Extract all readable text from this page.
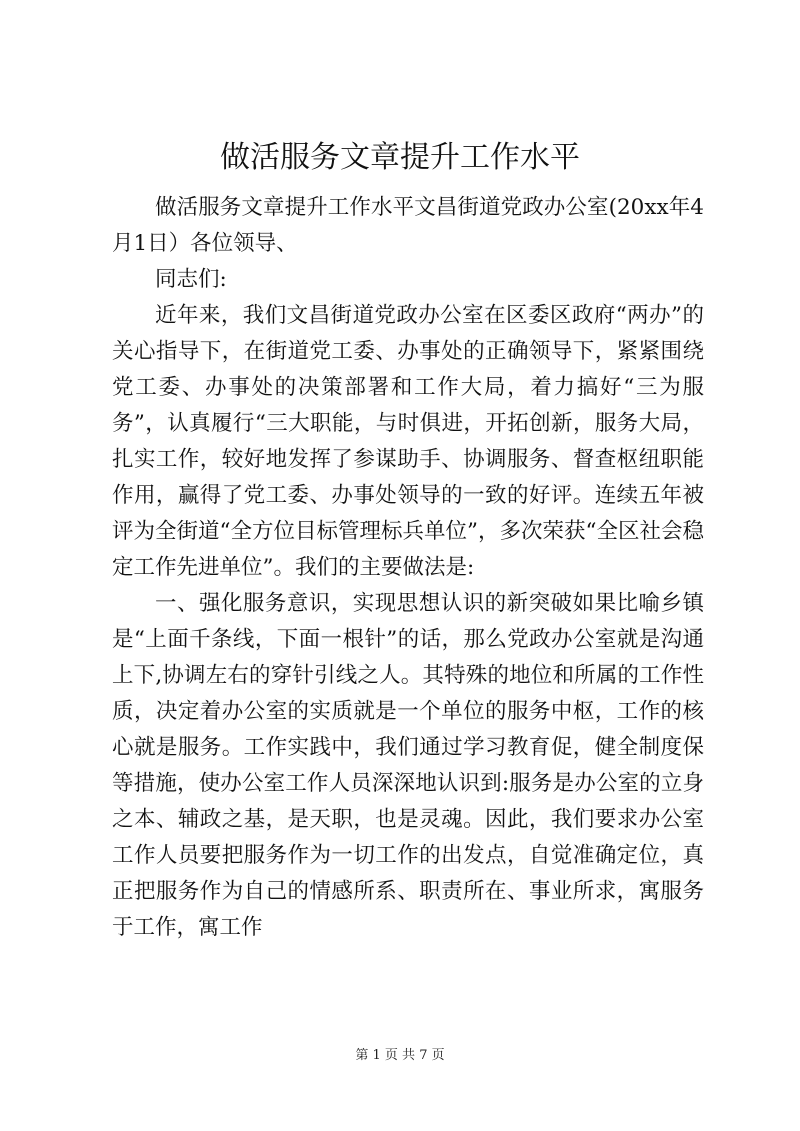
做活服务文章提升工作水平

做活服务文章提升工作水平文昌街道党政办公室(20xx年4月1日）各位领导、

同志们:

近年来，我们文昌街道党政办公室在区委区政府“两办”的关心指导下，在街道党工委、办事处的正确领导下，紧紧围绕党工委、办事处的决策部署和工作大局，着力搞好“三为服务”，认真履行“三大职能，与时俱进，开拓创新，服务大局，扎实工作，较好地发挥了参谋助手、协调服务、督查枢纽职能作用，赢得了党工委、办事处领导的一致的好评。连续五年被评为全街道“全方位目标管理标兵单位”，多次荣获“全区社会稳定工作先进单位”。我们的主要做法是:

一、强化服务意识，实现思想认识的新突破如果比喻乡镇是“上面千条线，下面一根针”的话，那么党政办公室就是沟通上下,协调左右的穿针引线之人。其特殊的地位和所属的工作性质，决定着办公室的实质就是一个单位的服务中枢，工作的核心就是服务。工作实践中，我们通过学习教育促，健全制度保等措施，使办公室工作人员深深地认识到:服务是办公室的立身之本、辅政之基，是天职，也是灵魂。因此，我们要求办公室工作人员要把服务作为一切工作的出发点，自觉准确定位，真正把服务作为自己的情感所系、职责所在、事业所求，寓服务于工作，寓工作

第 1 页 共 7 页
